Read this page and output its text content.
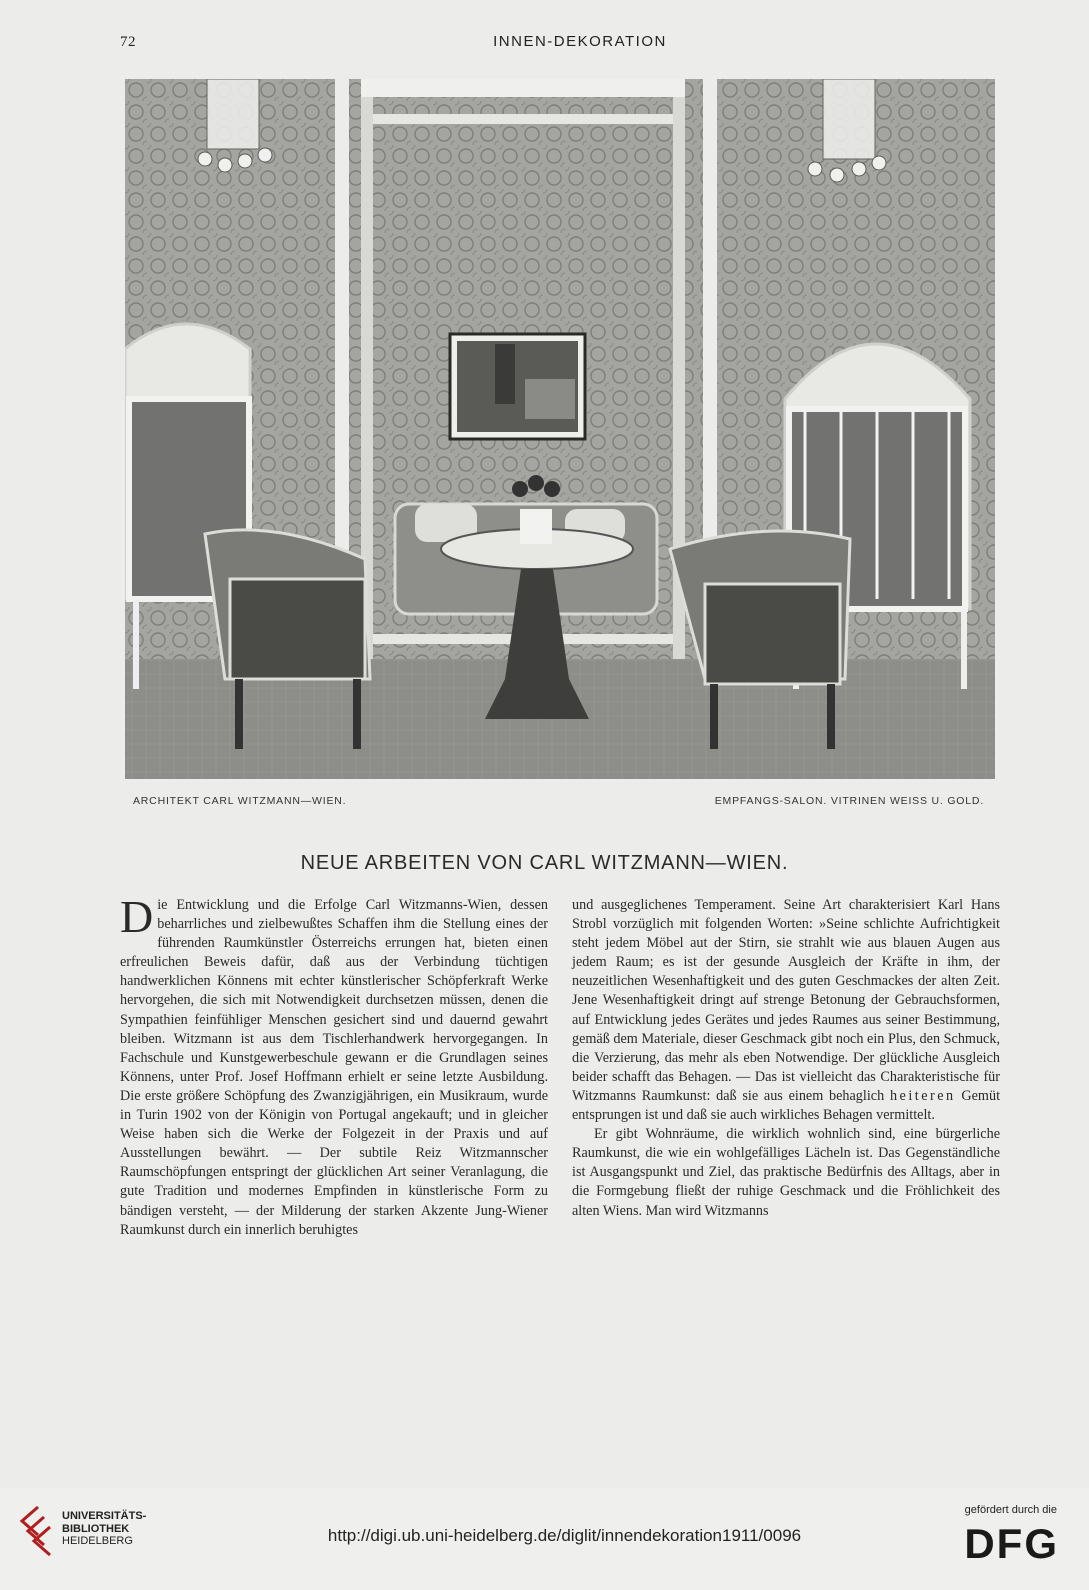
72	INNEN-DEKORATION
ARCHITEKT CARL WITZMANN—WIEN.	EMPFANGS-SALON. VITRINEN WEISS U. GOLD.
NEUE ARBEITEN VON CARL WITZMANN—WIEN.
Die Entwicklung und die Erfolge Carl Witzmanns-Wien, dessen beharrliches und zielbewußtes Schaffen ihm die Stellung eines der führenden Raumkünstler Österreichs errungen hat, bieten einen erfreulichen Beweis dafür, daß aus der Verbindung tüchtigen handwerklichen Könnens mit echter künstlerischer Schöpferkraft Werke hervorgehen, die sich mit Notwendigkeit durchsetzen müssen, denen die Sympathien feinfühliger Menschen gesichert sind und dauernd gewahrt bleiben. Witzmann ist aus dem Tischlerhandwerk hervorgegangen. In Fachschule und Kunstgewerbeschule gewann er die Grundlagen seines Könnens, unter Prof. Josef Hoffmann erhielt er seine letzte Ausbildung. Die erste größere Schöpfung des Zwanzigjährigen, ein Musikraum, wurde in Turin 1902 von der Königin von Portugal angekauft; und in gleicher Weise haben sich die Werke der Folgezeit in der Praxis und auf Ausstellungen bewährt. — Der subtile Reiz Witzmannscher Raumschöpfungen entspringt der glücklichen Art seiner Veranlagung, die gute Tradition und modernes Empfinden in künstlerische Form zu bändigen versteht, — der Milderung der starken Akzente Jung-Wiener Raumkunst durch ein innerlich beruhigtes
und ausgeglichenes Temperament. Seine Art charakterisiert Karl Hans Strobl vorzüglich mit folgenden Worten: »Seine schlichte Aufrichtigkeit steht jedem Möbel aut der Stirn, sie strahlt wie aus blauen Augen aus jedem Raum; es ist der gesunde Ausgleich der Kräfte in ihm, der neuzeitlichen Wesenhaftigkeit und des guten Geschmackes der alten Zeit. Jene Wesenhaftigkeit dringt auf strenge Betonung der Gebrauchsformen, auf Entwicklung jedes Gerätes und jedes Raumes aus seiner Bestimmung, gemäß dem Materiale, dieser Geschmack gibt noch ein Plus, den Schmuck, die Verzierung, das mehr als eben Notwendige. Der glückliche Ausgleich beider schafft das Behagen. — Das ist vielleicht das Charakteristische für Witzmanns Raumkunst: daß sie aus einem behaglich heiteren Gemüt entsprungen ist und daß sie auch wirkliches Behagen vermittelt.
Er gibt Wohnräume, die wirklich wohnlich sind, eine bürgerliche Raumkunst, die wie ein wohlgefälliges Lächeln ist. Das Gegenständliche ist Ausgangspunkt und Ziel, das praktische Bedürfnis des Alltags, aber in die Formgebung fließt der ruhige Geschmack und die Fröhlichkeit des alten Wiens. Man wird Witzmanns
UNIVERSITÄTS-
BIBLIOTHEK
HEIDELBERG	http://digi.ub.uni-heidelberg.de/diglit/innendekoration1911/0096
gefördert durch die
DFG
